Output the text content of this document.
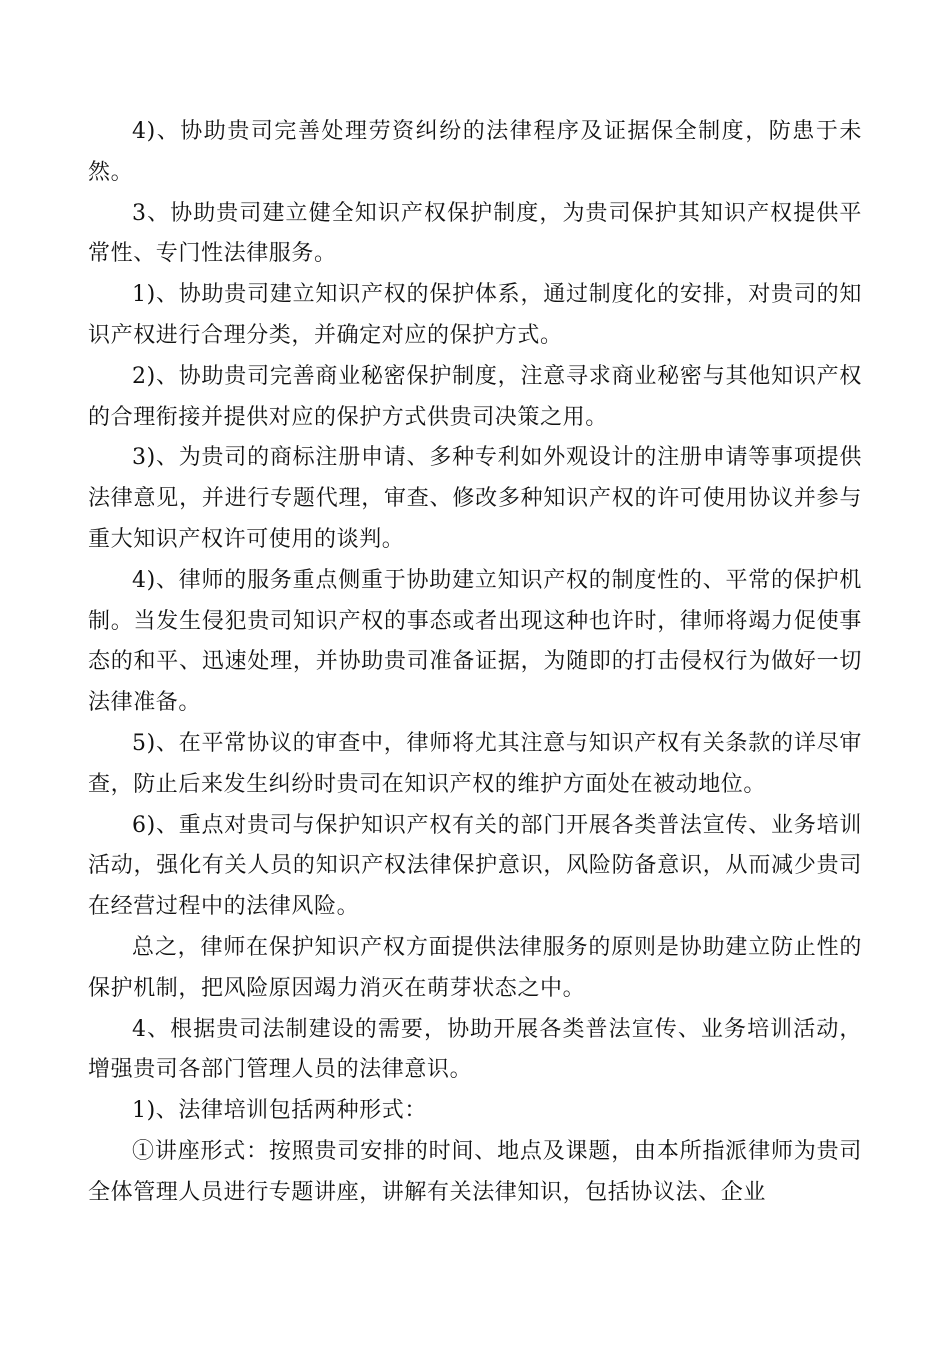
4)、协助贵司完善处理劳资纠纷的法律程序及证据保全制度，防患于未然。

3、协助贵司建立健全知识产权保护制度，为贵司保护其知识产权提供平常性、专门性法律服务。

1)、协助贵司建立知识产权的保护体系，通过制度化的安排，对贵司的知识产权进行合理分类，并确定对应的保护方式。

2)、协助贵司完善商业秘密保护制度，注意寻求商业秘密与其他知识产权的合理衔接并提供对应的保护方式供贵司决策之用。

3)、为贵司的商标注册申请、多种专利如外观设计的注册申请等事项提供法律意见，并进行专题代理，审查、修改多种知识产权的许可使用协议并参与重大知识产权许可使用的谈判。

4)、律师的服务重点侧重于协助建立知识产权的制度性的、平常的保护机制。当发生侵犯贵司知识产权的事态或者出现这种也许时，律师将竭力促使事态的和平、迅速处理，并协助贵司准备证据，为随即的打击侵权行为做好一切法律准备。

5)、在平常协议的审查中，律师将尤其注意与知识产权有关条款的详尽审查，防止后来发生纠纷时贵司在知识产权的维护方面处在被动地位。

6)、重点对贵司与保护知识产权有关的部门开展各类普法宣传、业务培训活动，强化有关人员的知识产权法律保护意识，风险防备意识，从而减少贵司在经营过程中的法律风险。

总之，律师在保护知识产权方面提供法律服务的原则是协助建立防止性的保护机制，把风险原因竭力消灭在萌芽状态之中。

4、根据贵司法制建设的需要，协助开展各类普法宣传、业务培训活动，增强贵司各部门管理人员的法律意识。

1)、法律培训包括两种形式：

①讲座形式：按照贵司安排的时间、地点及课题，由本所指派律师为贵司全体管理人员进行专题讲座，讲解有关法律知识，包括协议法、企业
